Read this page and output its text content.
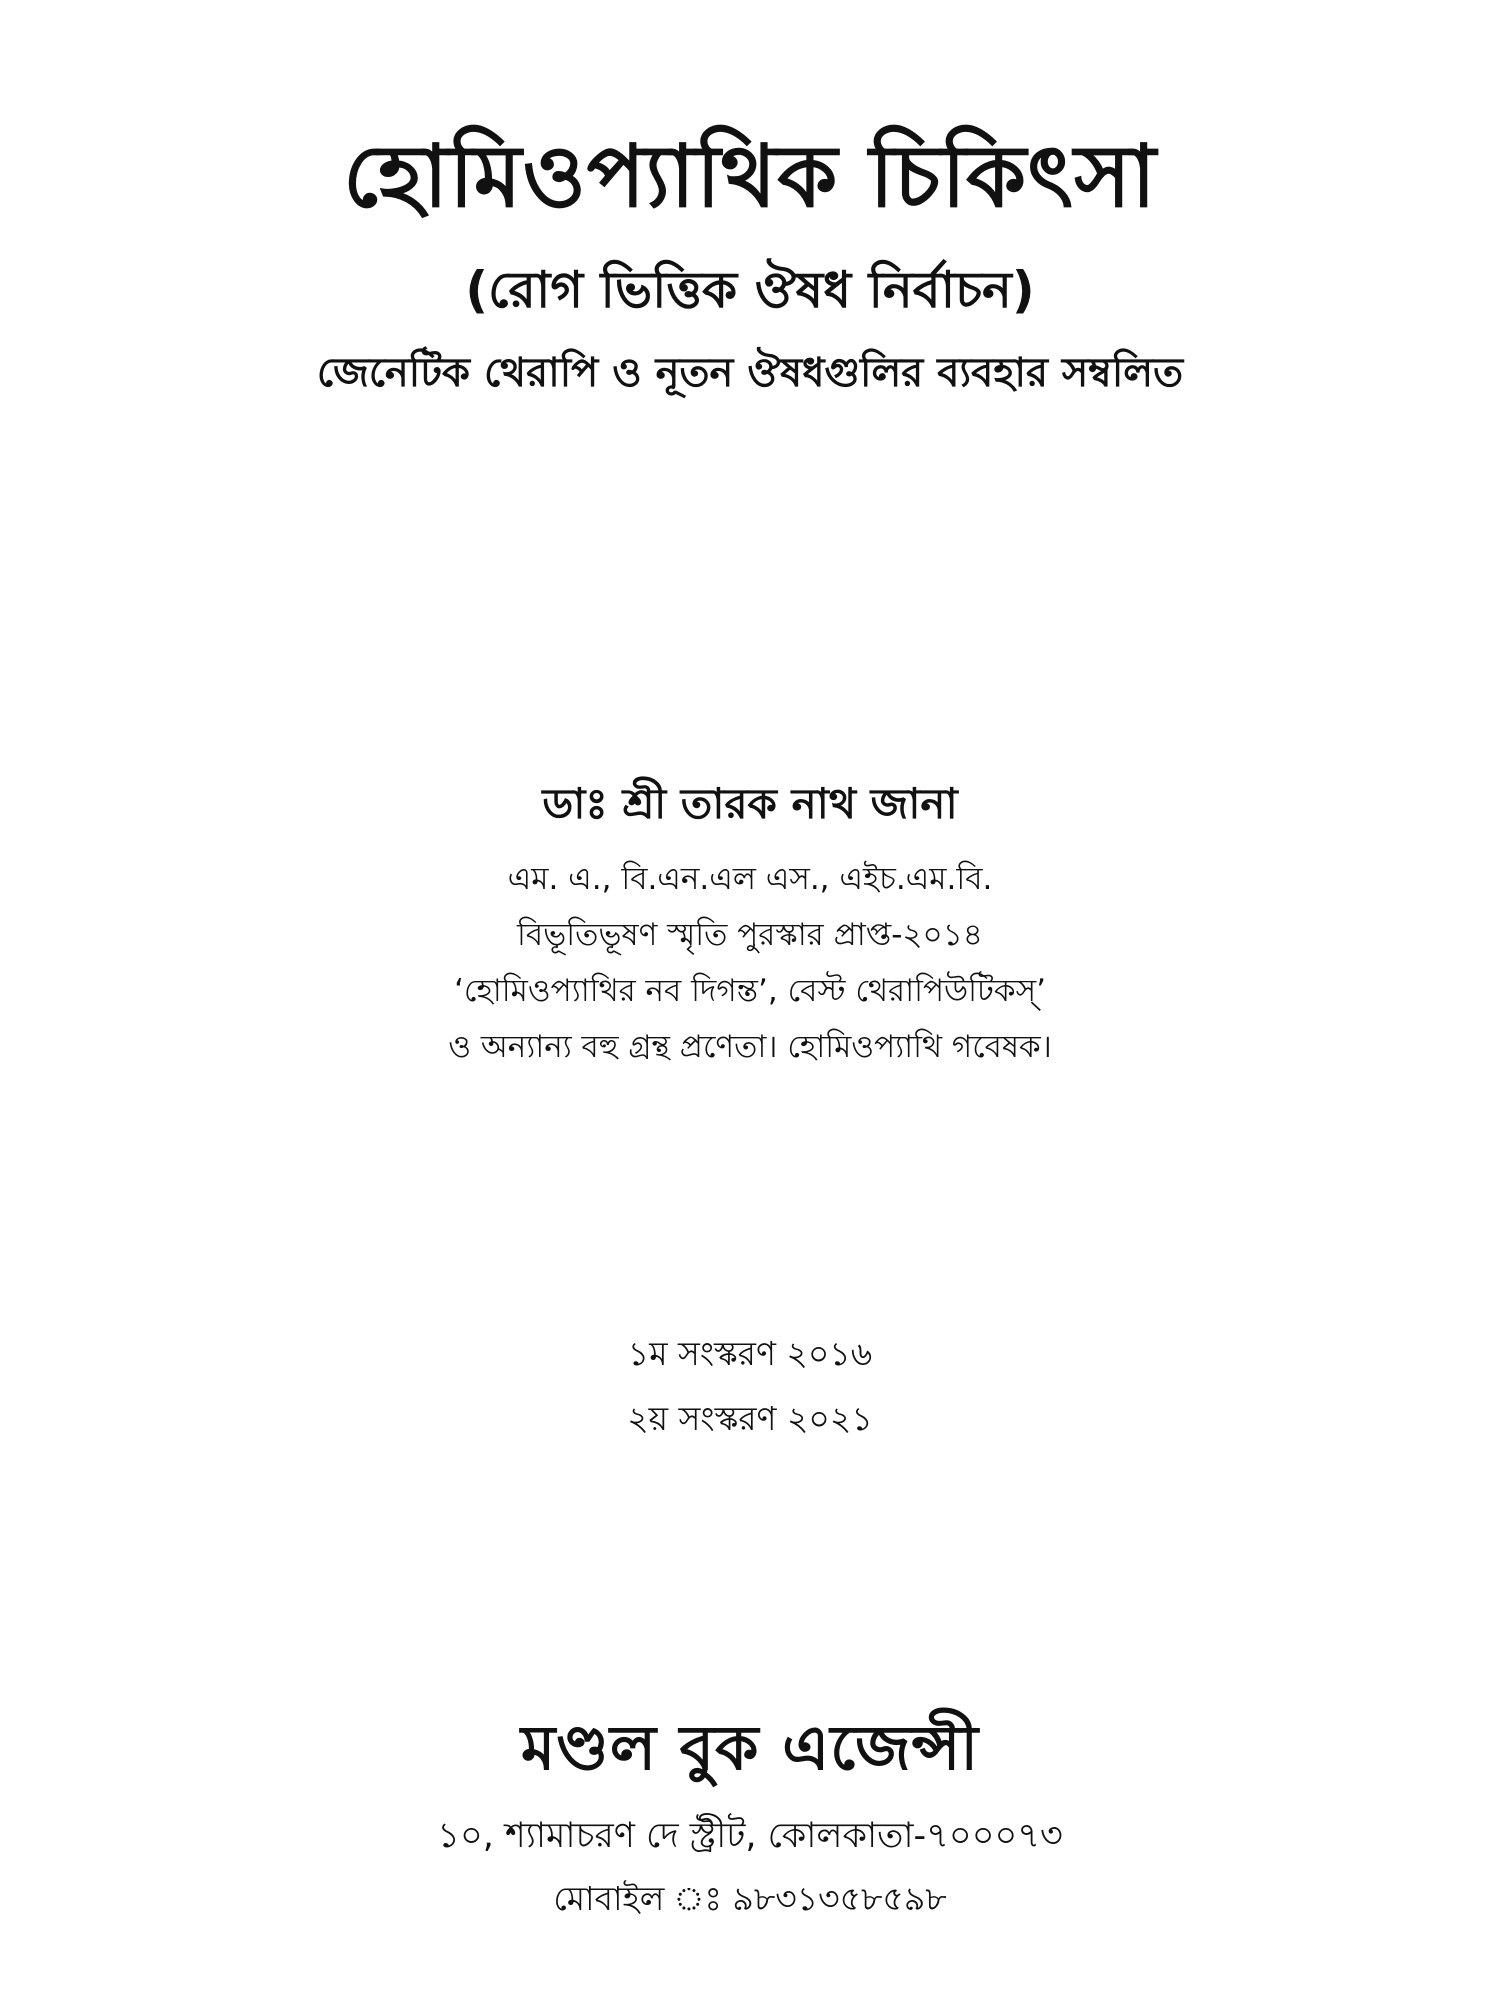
হোমিওপ্যাথিক চিকিৎসা
(রোগ ভিত্তিক ঔষধ নির্বাচন)
জেনেটিক থেরাপি ও নূতন ঔষধগুলির ব্যবহার সম্বলিত
ডাঃ শ্রী তারক নাথ জানা
এম. এ., বি.এন.এল এস., এইচ.এম.বি.
বিভূতিভূষণ স্মৃতি পুরস্কার প্রাপ্ত-২০১৪
‘হোমিওপ্যাথির নব দিগন্ত’, বেস্ট থেরাপিউটিকস্’
ও অন্যান্য বহু গ্রন্থ প্রণেতা। হোমিওপ্যাথি গবেষক।
১ম সংস্করণ ২০১৬
২য় সংস্করণ ২০২১
মণ্ডল বুক এজেন্সী
১০, শ্যামাচরণ দে স্ট্রীট, কোলকাতা-৭০০০৭৩
মোবাইল ঃ ৯৮৩১৩৫৮৫৯৮
